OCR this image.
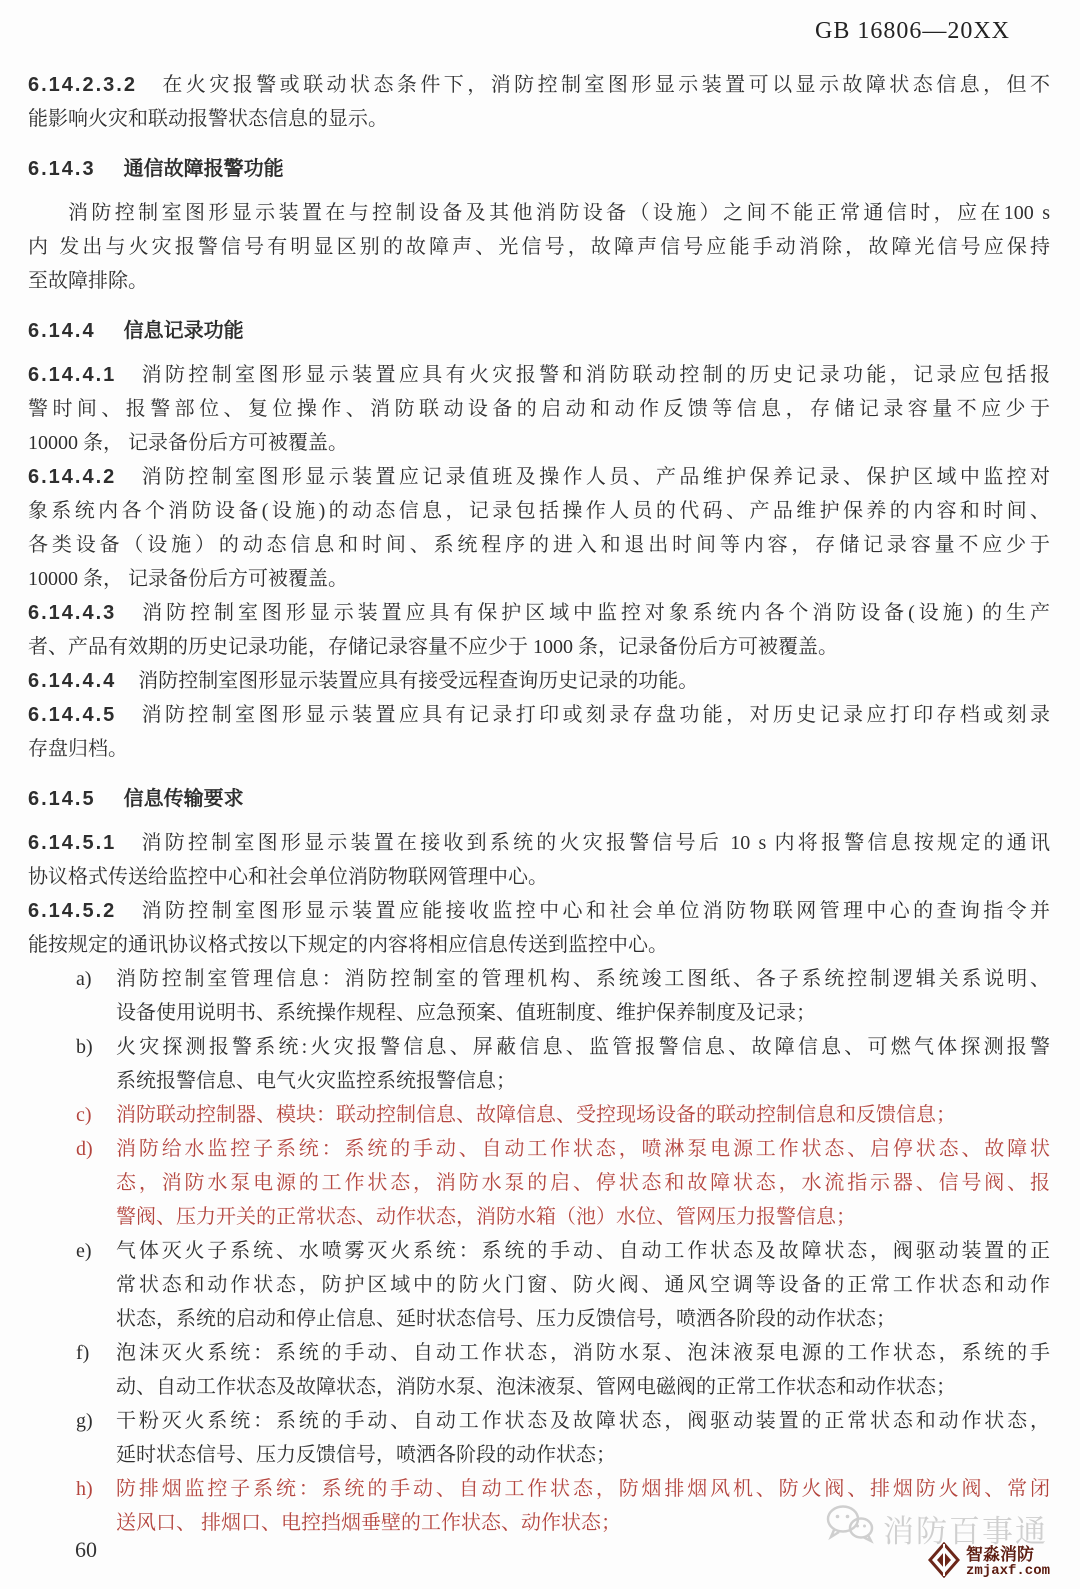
GB 16806—20XX
6.14.2.3.2 在火灾报警或联动状态条件下，消防控制室图形显示装置可以显示故障状态信息，但不
能影响火灾和联动报警状态信息的显示。
6.14.3 通信故障报警功能
消防控制室图形显示装置在与控制设备及其他消防设备（设施）之间不能正常通信时，应在100 s
内 发出与火灾报警信号有明显区别的故障声、光信号，故障声信号应能手动消除，故障光信号应保持
至故障排除。
6.14.4 信息记录功能
6.14.4.1 消防控制室图形显示装置应具有火灾报警和消防联动控制的历史记录功能，记录应包括报
警时间、报警部位、复位操作、消防联动设备的启动和动作反馈等信息，存储记录容量不应少于
10000 条， 记录备份后方可被覆盖。
6.14.4.2 消防控制室图形显示装置应记录值班及操作人员、产品维护保养记录、保护区域中监控对
象系统内各个消防设备(设施)的动态信息，记录包括操作人员的代码、产品维护保养的内容和时间、
各类设备（设施）的动态信息和时间、系统程序的进入和退出时间等内容，存储记录容量不应少于
10000 条， 记录备份后方可被覆盖。
6.14.4.3 消防控制室图形显示装置应具有保护区域中监控对象系统内各个消防设备(设施) 的生产
者、产品有效期的历史记录功能，存储记录容量不应少于 1000 条，记录备份后方可被覆盖。
6.14.4.4 消防控制室图形显示装置应具有接受远程查询历史记录的功能。
6.14.4.5 消防控制室图形显示装置应具有记录打印或刻录存盘功能，对历史记录应打印存档或刻录
存盘归档。
6.14.5 信息传输要求
6.14.5.1 消防控制室图形显示装置在接收到系统的火灾报警信号后 10 s 内将报警信息按规定的通讯
协议格式传送给监控中心和社会单位消防物联网管理中心。
6.14.5.2 消防控制室图形显示装置应能接收监控中心和社会单位消防物联网管理中心的查询指令并
能按规定的通讯协议格式按以下规定的内容将相应信息传送到监控中心。
a)	消防控制室管理信息：消防控制室的管理机构、系统竣工图纸、各子系统控制逻辑关系说明、
设备使用说明书、系统操作规程、应急预案、值班制度、维护保养制度及记录；
b)	火灾探测报警系统:火灾报警信息、屏蔽信息、监管报警信息、故障信息、可燃气体探测报警
系统报警信息、电气火灾监控系统报警信息；
c)	消防联动控制器、模块：联动控制信息、故障信息、受控现场设备的联动控制信息和反馈信息；
d)	消防给水监控子系统：系统的手动、自动工作状态，喷淋泵电源工作状态、启停状态、故障状
态，消防水泵电源的工作状态，消防水泵的启、停状态和故障状态，水流指示器、信号阀、报
警阀、压力开关的正常状态、动作状态，消防水箱（池）水位、管网压力报警信息；
e)	气体灭火子系统、水喷雾灭火系统：系统的手动、自动工作状态及故障状态，阀驱动装置的正
常状态和动作状态，防护区域中的防火门窗、防火阀、通风空调等设备的正常工作状态和动作
状态，系统的启动和停止信息、延时状态信号、压力反馈信号，喷洒各阶段的动作状态；
f)	泡沫灭火系统：系统的手动、自动工作状态，消防水泵、泡沫液泵电源的工作状态，系统的手
动、自动工作状态及故障状态，消防水泵、泡沫液泵、管网电磁阀的正常工作状态和动作状态；
g)	干粉灭火系统：系统的手动、自动工作状态及故障状态，阀驱动装置的正常状态和动作状态，
延时状态信号、压力反馈信号，喷洒各阶段的动作状态；
h)	防排烟监控子系统：系统的手动、自动工作状态，防烟排烟风机、防火阀、排烟防火阀、常闭
送风口、 排烟口、电控挡烟垂壁的工作状态、动作状态；
60
消防百事通
智淼消防
zmjaxf.com
